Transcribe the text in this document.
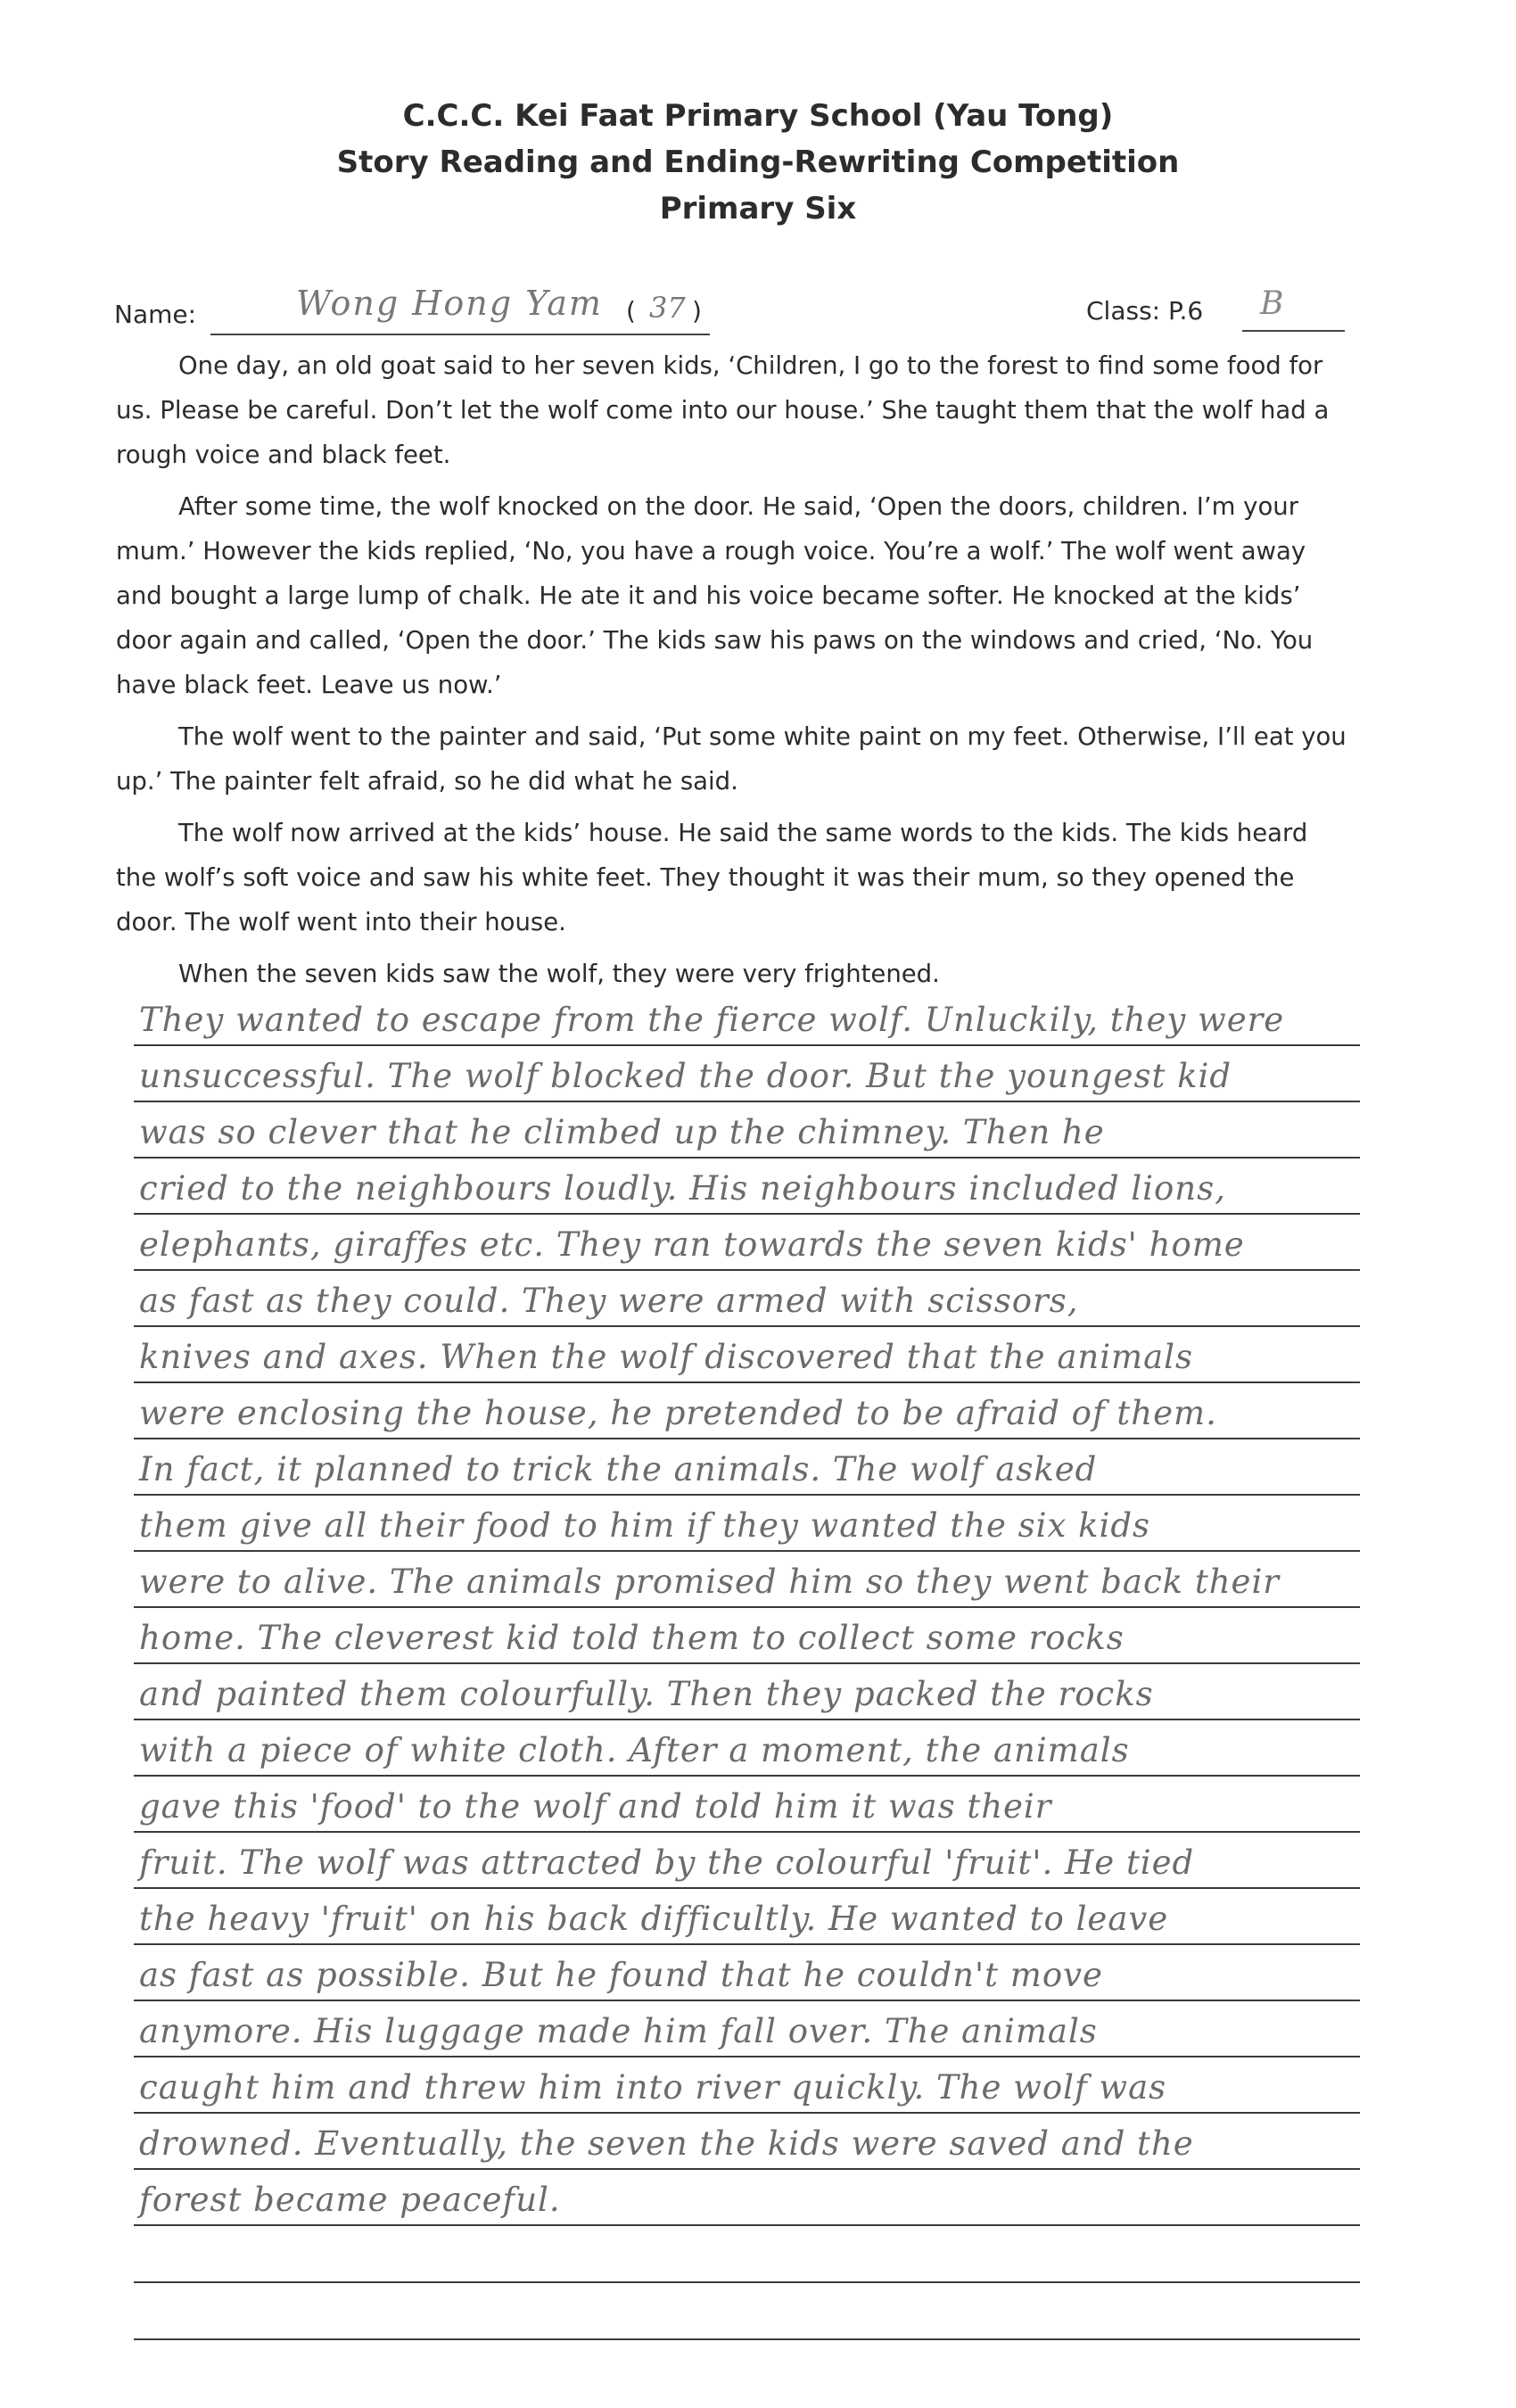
C.C.C. Kei Faat Primary School (Yau Tong)
Story Reading and Ending-Rewriting Competition
Primary Six
Name:	Wong Hong Yam ( 37 )	Class: P.6 B

One day, an old goat said to her seven kids, ‘Children, I go to the forest to find some food for us. Please be careful. Don’t let the wolf come into our house.’ She taught them that the wolf had a rough voice and black feet.

After some time, the wolf knocked on the door. He said, ‘Open the doors, children. I’m your mum.’ However the kids replied, ‘No, you have a rough voice. You’re a wolf.’ The wolf went away and bought a large lump of chalk. He ate it and his voice became softer. He knocked at the kids’ door again and called, ‘Open the door.’ The kids saw his paws on the windows and cried, ‘No. You have black feet. Leave us now.’

The wolf went to the painter and said, ‘Put some white paint on my feet. Otherwise, I’ll eat you up.’ The painter felt afraid, so he did what he said.

The wolf now arrived at the kids’ house. He said the same words to the kids. The kids heard the wolf’s soft voice and saw his white feet. They thought it was their mum, so they opened the door. The wolf went into their house.

When the seven kids saw the wolf, they were very frightened.

They wanted to escape from the fierce wolf. Unluckily, they were
unsuccessful. The wolf blocked the door. But the youngest kid
was so clever that he climbed up the chimney. Then he
cried to the neighbours loudly. His neighbours included lions,
elephants, giraffes etc. They ran towards the seven kids' home
as fast as they could. They were armed with scissors,
knives and axes. When the wolf discovered that the animals
were enclosing the house, he pretended to be afraid of them.
In fact, it planned to trick the animals. The wolf asked
them give all their food to him if they wanted the six kids
were to alive. The animals promised him so they went back their
home. The cleverest kid told them to collect some rocks
and painted them colourfully. Then they packed the rocks
with a piece of white cloth. After a moment, the animals
gave this 'food' to the wolf and told him it was their
fruit. The wolf was attracted by the colourful 'fruit'. He tied
the heavy 'fruit' on his back difficultly. He wanted to leave
as fast as possible. But he found that he couldn't move
anymore. His luggage made him fall over. The animals
caught him and threw him into river quickly. The wolf was
drowned. Eventually, the seven the kids were saved and the
forest became peaceful.
